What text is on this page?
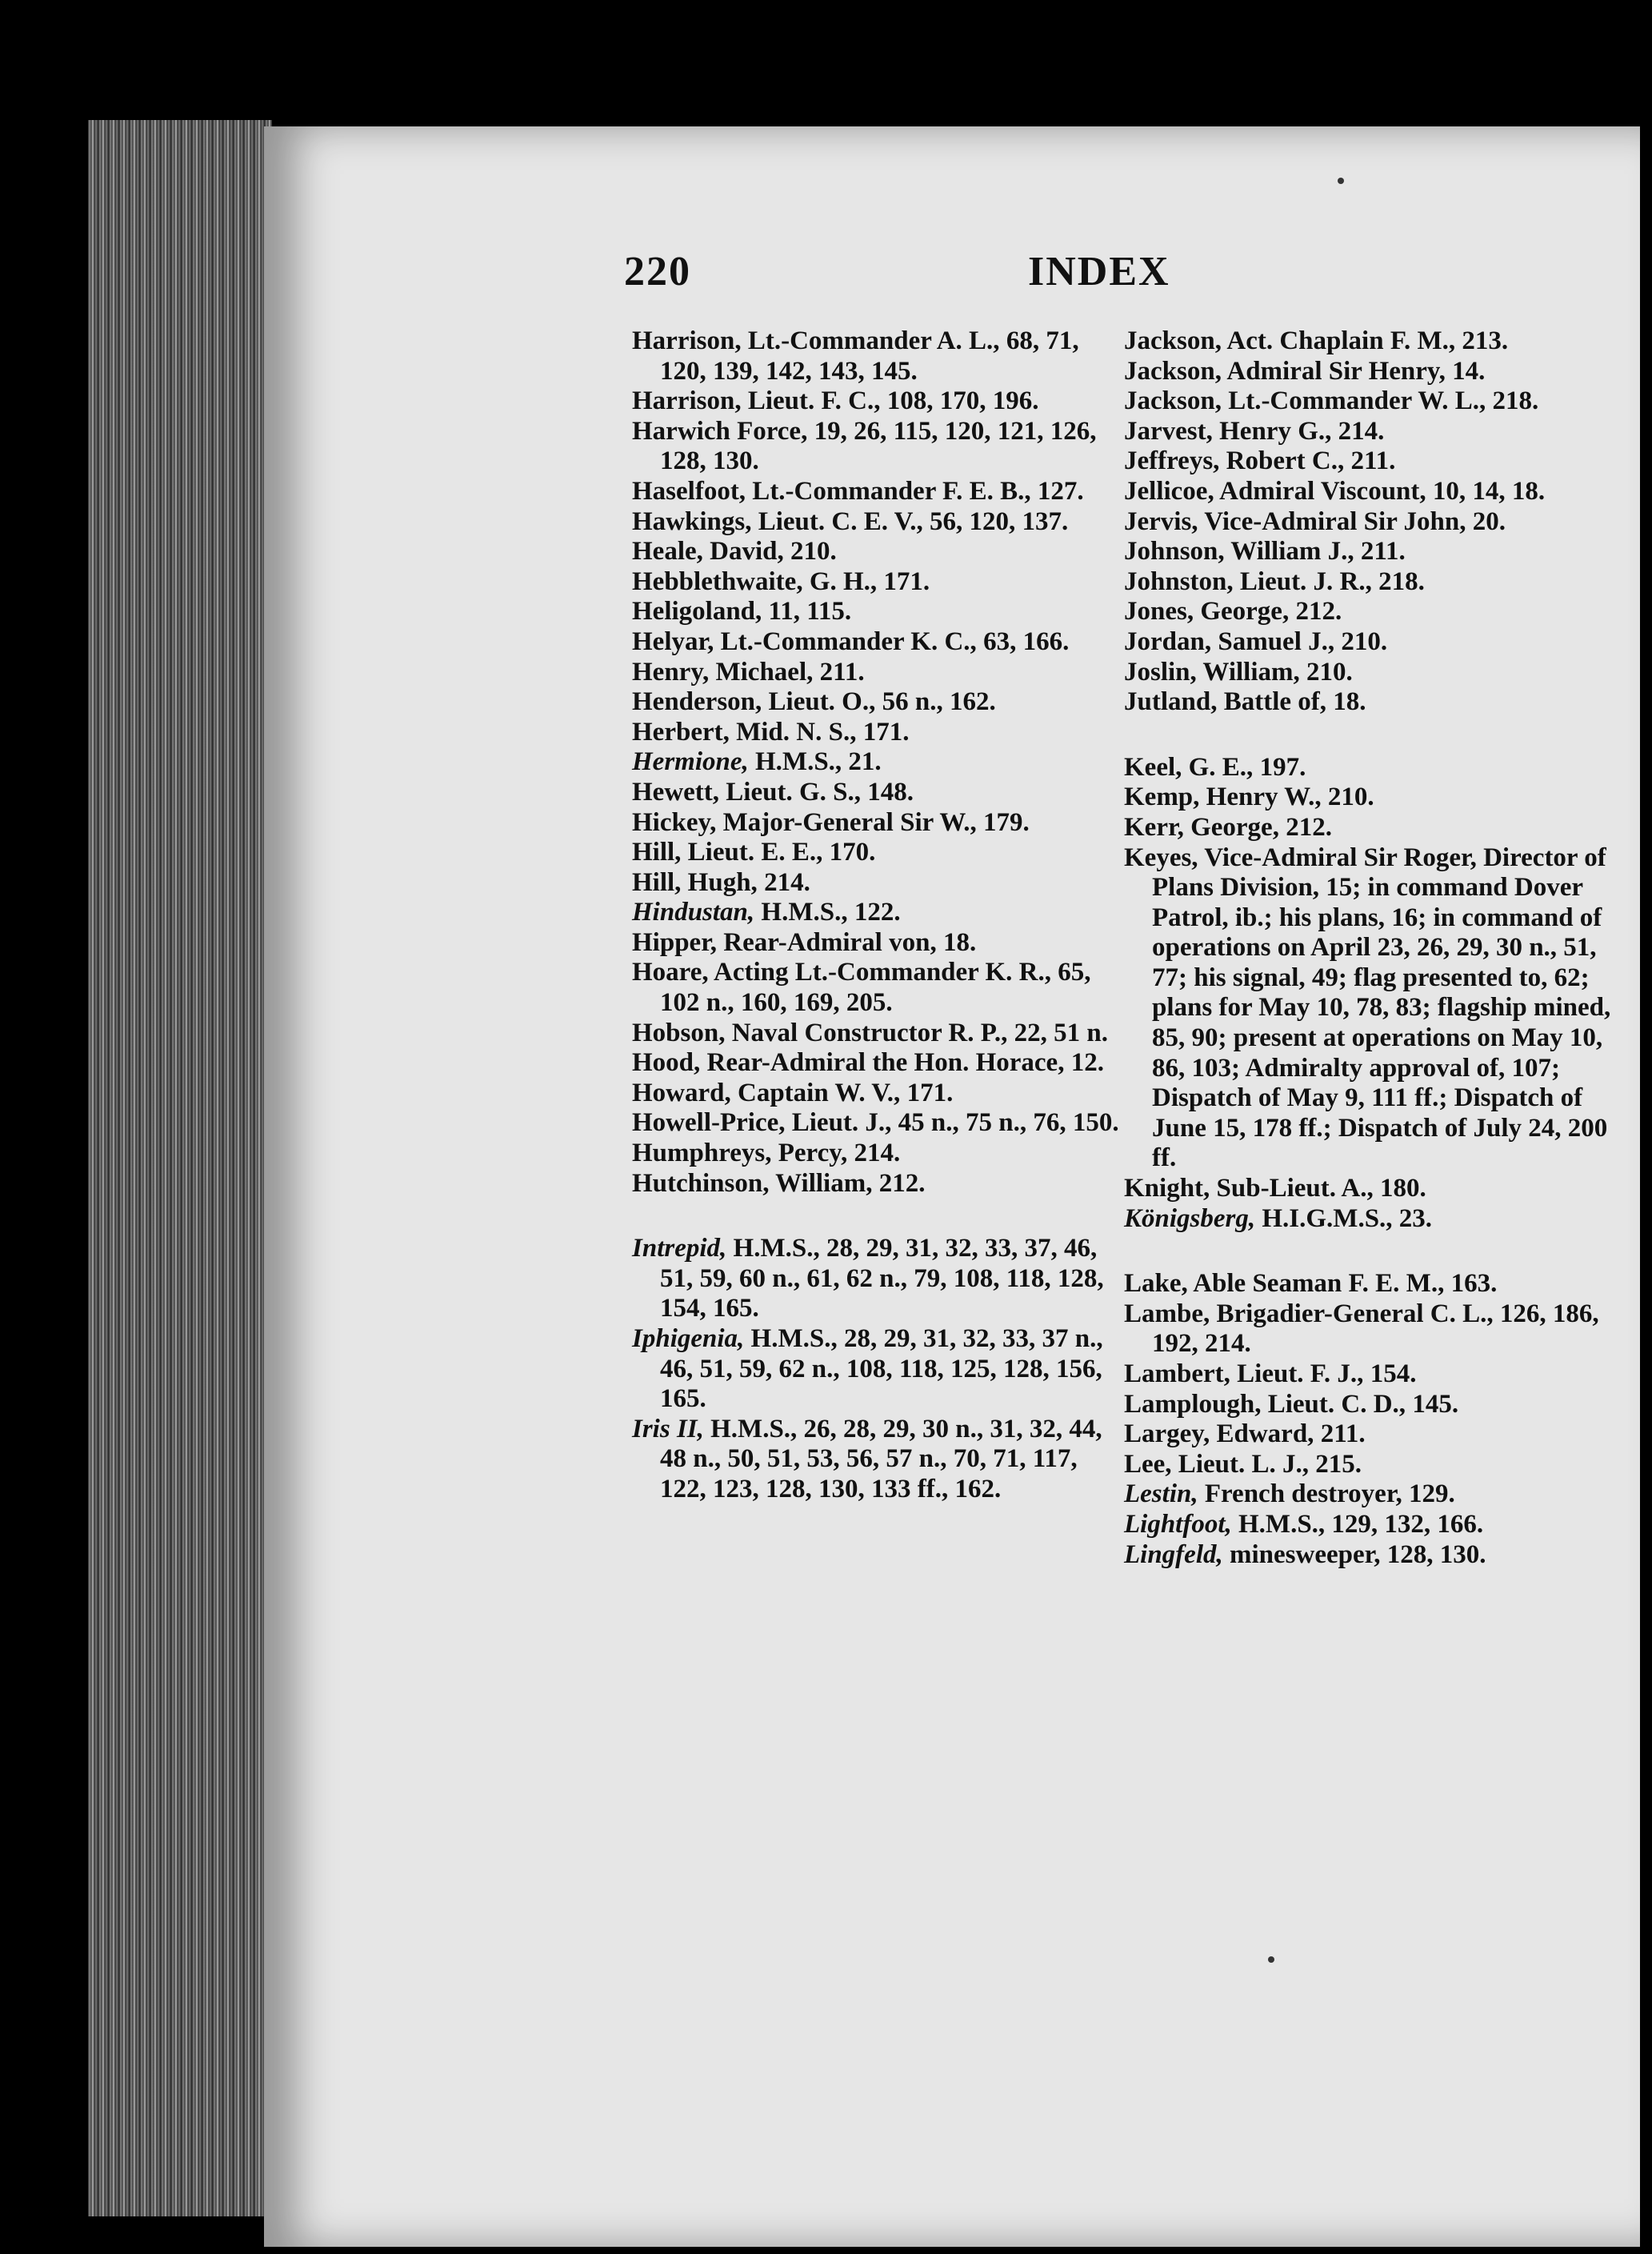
220	INDEX
Harrison, Lt.-Commander A. L., 68, 71, 120, 139, 142, 143, 145.
Harrison, Lieut. F. C., 108, 170, 196.
Harwich Force, 19, 26, 115, 120, 121, 126, 128, 130.
Haselfoot, Lt.-Commander F. E. B., 127.
Hawkings, Lieut. C. E. V., 56, 120, 137.
Heale, David, 210.
Hebblethwaite, G. H., 171.
Heligoland, 11, 115.
Helyar, Lt.-Commander K. C., 63, 166.
Henry, Michael, 211.
Henderson, Lieut. O., 56 n., 162.
Herbert, Mid. N. S., 171.
Hermione, H.M.S., 21.
Hewett, Lieut. G. S., 148.
Hickey, Major-General Sir W., 179.
Hill, Lieut. E. E., 170.
Hill, Hugh, 214.
Hindustan, H.M.S., 122.
Hipper, Rear-Admiral von, 18.
Hoare, Acting Lt.-Commander K. R., 65, 102 n., 160, 169, 205.
Hobson, Naval Constructor R. P., 22, 51 n.
Hood, Rear-Admiral the Hon. Horace, 12.
Howard, Captain W. V., 171.
Howell-Price, Lieut. J., 45 n., 75 n., 76, 150.
Humphreys, Percy, 214.
Hutchinson, William, 212.
Intrepid, H.M.S., 28, 29, 31, 32, 33, 37, 46, 51, 59, 60 n., 61, 62 n., 79, 108, 118, 128, 154, 165.
Iphigenia, H.M.S., 28, 29, 31, 32, 33, 37 n., 46, 51, 59, 62 n., 108, 118, 125, 128, 156, 165.
Iris II, H.M.S., 26, 28, 29, 30 n., 31, 32, 44, 48 n., 50, 51, 53, 56, 57 n., 70, 71, 117, 122, 123, 128, 130, 133 ff., 162.
Jackson, Act. Chaplain F. M., 213.
Jackson, Admiral Sir Henry, 14.
Jackson, Lt.-Commander W. L., 218.
Jarvest, Henry G., 214.
Jeffreys, Robert C., 211.
Jellicoe, Admiral Viscount, 10, 14, 18.
Jervis, Vice-Admiral Sir John, 20.
Johnson, William J., 211.
Johnston, Lieut. J. R., 218.
Jones, George, 212.
Jordan, Samuel J., 210.
Joslin, William, 210.
Jutland, Battle of, 18.
Keel, G. E., 197.
Kemp, Henry W., 210.
Kerr, George, 212.
Keyes, Vice-Admiral Sir Roger, Director of Plans Division, 15; in command Dover Patrol, ib.; his plans, 16; in command of operations on April 23, 26, 29, 30 n., 51, 77; his signal, 49; flag presented to, 62; plans for May 10, 78, 83; flagship mined, 85, 90; present at operations on May 10, 86, 103; Admiralty approval of, 107; Dispatch of May 9, 111 ff.; Dispatch of June 15, 178 ff.; Dispatch of July 24, 200 ff.
Knight, Sub-Lieut. A., 180.
Königsberg, H.I.G.M.S., 23.
Lake, Able Seaman F. E. M., 163.
Lambe, Brigadier-General C. L., 126, 186, 192, 214.
Lambert, Lieut. F. J., 154.
Lamplough, Lieut. C. D., 145.
Largey, Edward, 211.
Lee, Lieut. L. J., 215.
Lestin, French destroyer, 129.
Lightfoot, H.M.S., 129, 132, 166.
Lingfeld, minesweeper, 128, 130.
